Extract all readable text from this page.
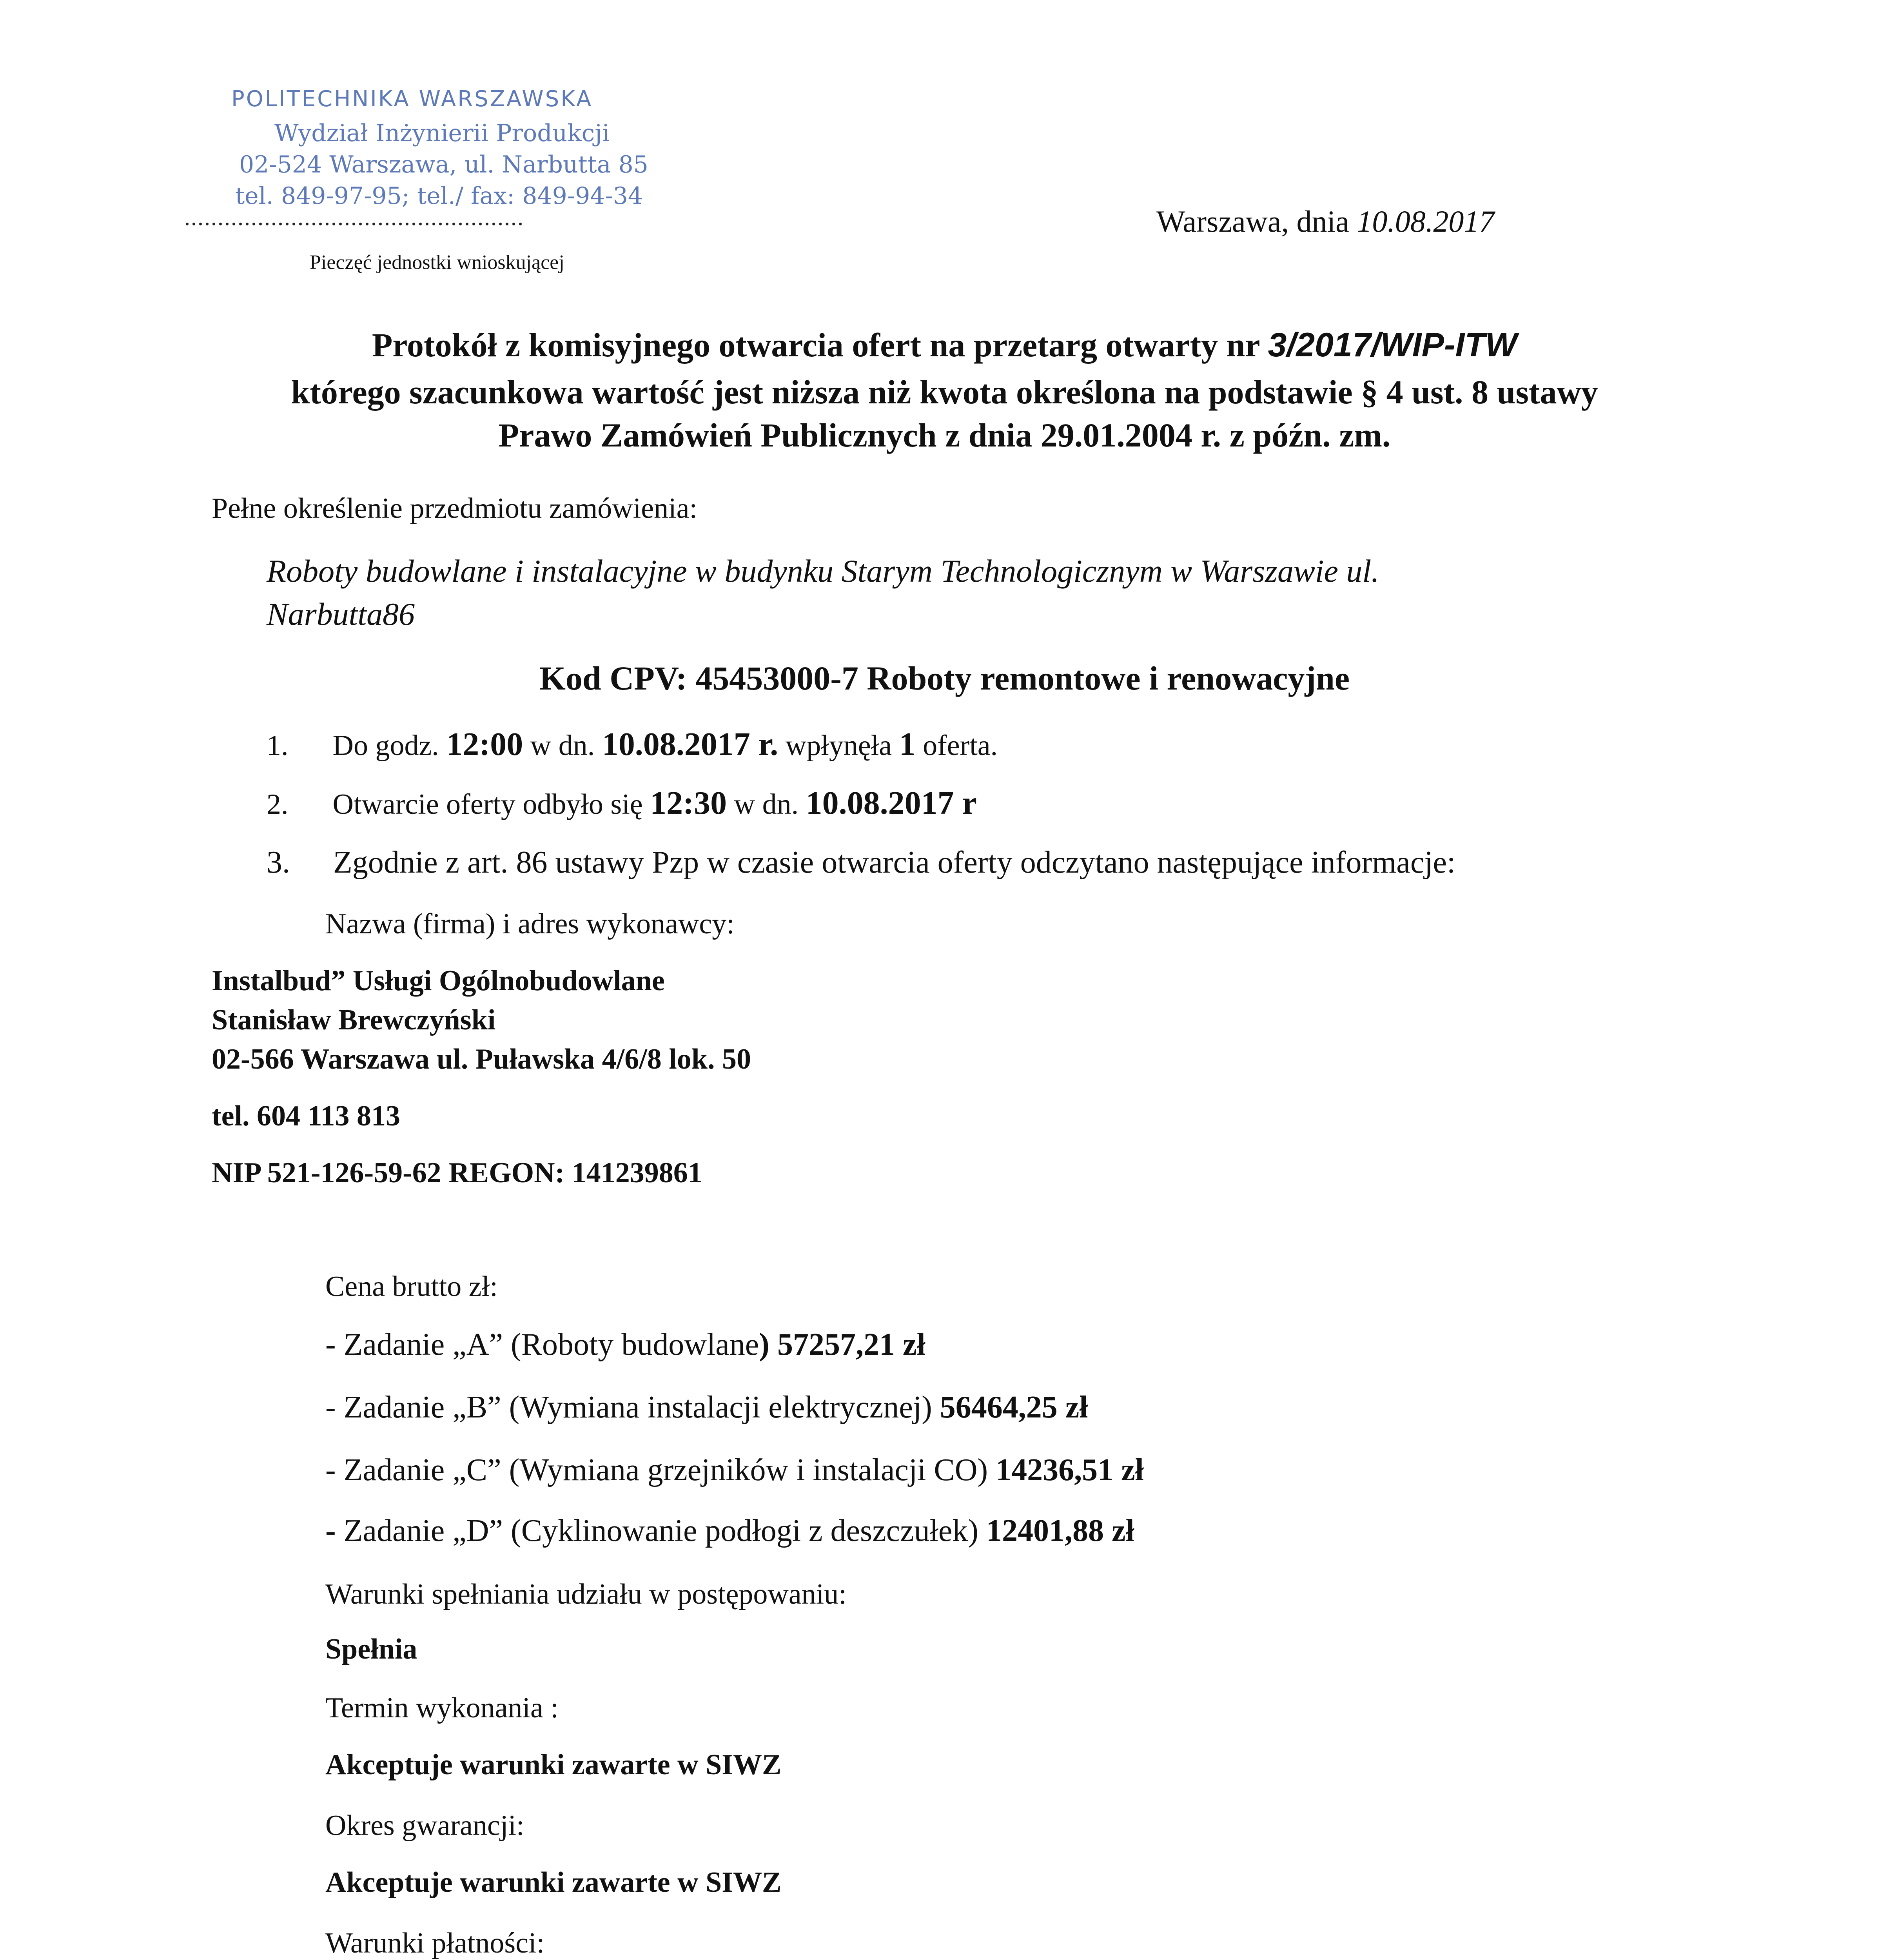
POLITECHNIKA WARSZAWSKA
Wydział Inżynierii Produkcji
02-524 Warszawa, ul. Narbutta 85
tel. 849-97-95; tel./ fax: 849-94-34
...................................................
Pieczęć jednostki wnioskującej
Warszawa, dnia 10.08.2017
Protokół z komisyjnego otwarcia ofert na przetarg otwarty nr 3/2017/WIP-ITW
którego szacunkowa wartość jest niższa niż kwota określona na podstawie § 4 ust. 8 ustawy
Prawo Zamówień Publicznych z dnia 29.01.2004 r. z późn. zm.
Pełne określenie przedmiotu zamówienia:
Roboty budowlane i instalacyjne w budynku Starym Technologicznym w Warszawie ul.
Narbutta86
Kod CPV: 45453000-7 Roboty remontowe i renowacyjne
1. Do godz. 12:00 w dn. 10.08.2017 r. wpłynęła 1 oferta.
2. Otwarcie oferty odbyło się 12:30 w dn. 10.08.2017 r
3. Zgodnie z art. 86 ustawy Pzp w czasie otwarcia oferty odczytano następujące informacje:
Nazwa (firma) i adres wykonawcy:
Instalbud” Usługi Ogólnobudowlane
Stanisław Brewczyński
02-566 Warszawa ul. Puławska 4/6/8 lok. 50
tel. 604 113 813
NIP 521-126-59-62 REGON: 141239861
Cena brutto zł:
- Zadanie „A” (Roboty budowlane) 57257,21 zł
- Zadanie „B” (Wymiana instalacji elektrycznej) 56464,25 zł
- Zadanie „C” (Wymiana grzejników i instalacji CO) 14236,51 zł
- Zadanie „D” (Cyklinowanie podłogi z deszczułek) 12401,88 zł
Warunki spełniania udziału w postępowaniu:
Spełnia
Termin wykonania :
Akceptuje warunki zawarte w SIWZ
Okres gwarancji:
Akceptuje warunki zawarte w SIWZ
Warunki płatności:
